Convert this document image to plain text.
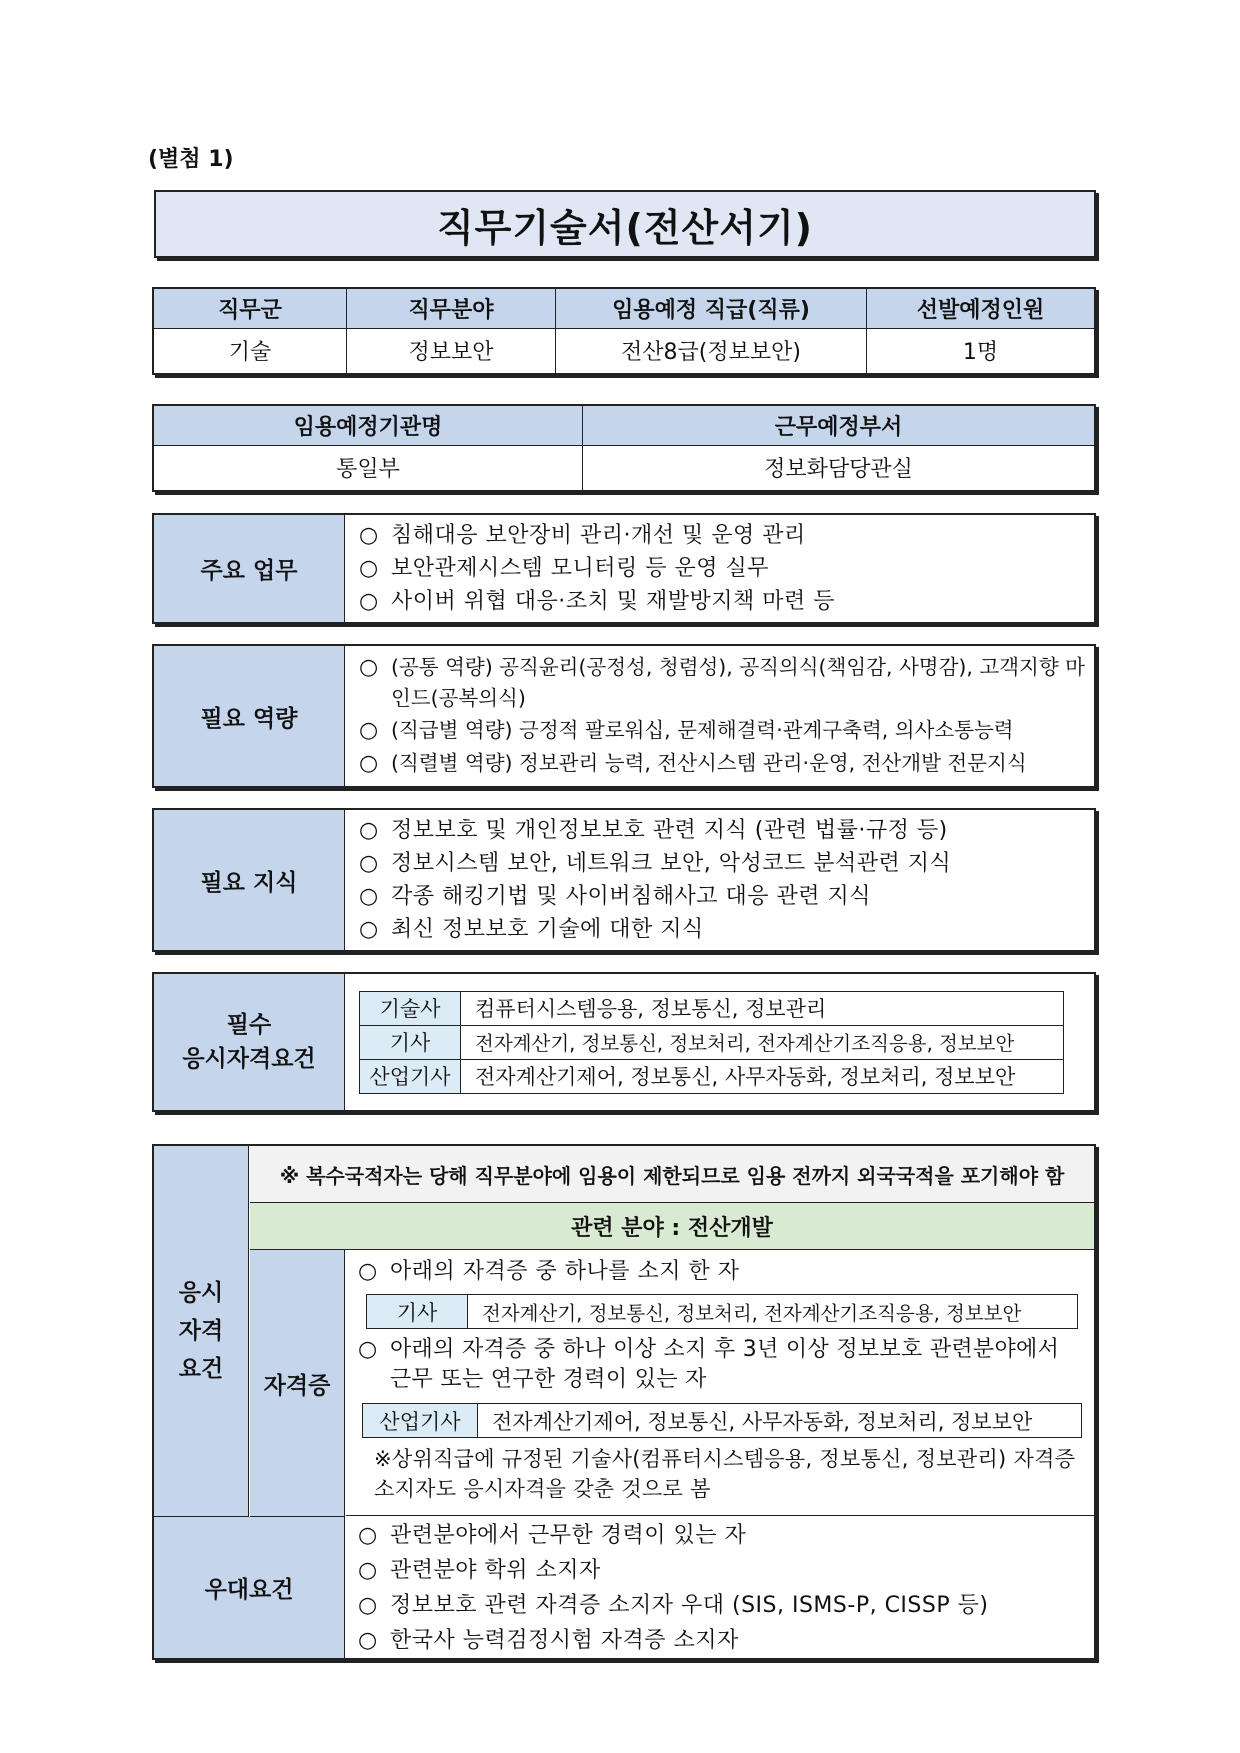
(별첨 1)
직무기술서(전산서기)
직무군	직무분야	임용예정 직급(직류)	선발예정인원
기술	정보보안	전산8급(정보보안)	1명
임용예정기관명	근무예정부서
통일부	정보화담당관실
주요 업무	
○ 침해대응 보안장비 관리·개선 및 운영 관리
○ 보안관제시스템 모니터링 등 운영 실무
○ 사이버 위협 대응·조치 및 재발방지책 마련 등
필요 역량	
○ (공통 역량) 공직윤리(공정성, 청렴성), 공직의식(책임감, 사명감), 고객지향 마인드(공복의식)
○ (직급별 역량) 긍정적 팔로워십, 문제해결력·관계구축력, 의사소통능력
○ (직렬별 역량) 정보관리 능력, 전산시스템 관리·운영, 전산개발 전문지식
필요 지식	
○ 정보보호 및 개인정보보호 관련 지식 (관련 법률·규정 등)
○ 정보시스템 보안, 네트워크 보안, 악성코드 분석관련 지식
○ 각종 해킹기법 및 사이버침해사고 대응 관련 지식
○ 최신 정보보호 기술에 대한 지식
필수
응시자격요건

기술사	컴퓨터시스템응용, 정보통신, 정보관리
기사	전자계산기, 정보통신, 정보처리, 전자계산기조직응용, 정보보안
산업기사	전자계산기제어, 정보통신, 사무자동화, 정보처리, 정보보안
응시
자격
요건
※ 복수국적자는 당해 직무분야에 임용이 제한되므로 임용 전까지 외국국적을 포기해야 함
관련 분야 : 전산개발
자격증
○ 아래의 자격증 중 하나를 소지 한 자
기사	전자계산기, 정보통신, 정보처리, 전자계산기조직응용, 정보보안
○ 아래의 자격증 중 하나 이상 소지 후 3년 이상 정보보호 관련분야에서 근무 또는 연구한 경력이 있는 자
산업기사	전자계산기제어, 정보통신, 사무자동화, 정보처리, 정보보안
※상위직급에 규정된 기술사(컴퓨터시스템응용, 정보통신, 정보관리) 자격증 소지자도 응시자격을 갖춘 것으로 봄
우대요건
○ 관련분야에서 근무한 경력이 있는 자
○ 관련분야 학위 소지자
○ 정보보호 관련 자격증 소지자 우대 (SIS, ISMS-P, CISSP 등)
○ 한국사 능력검정시험 자격증 소지자
